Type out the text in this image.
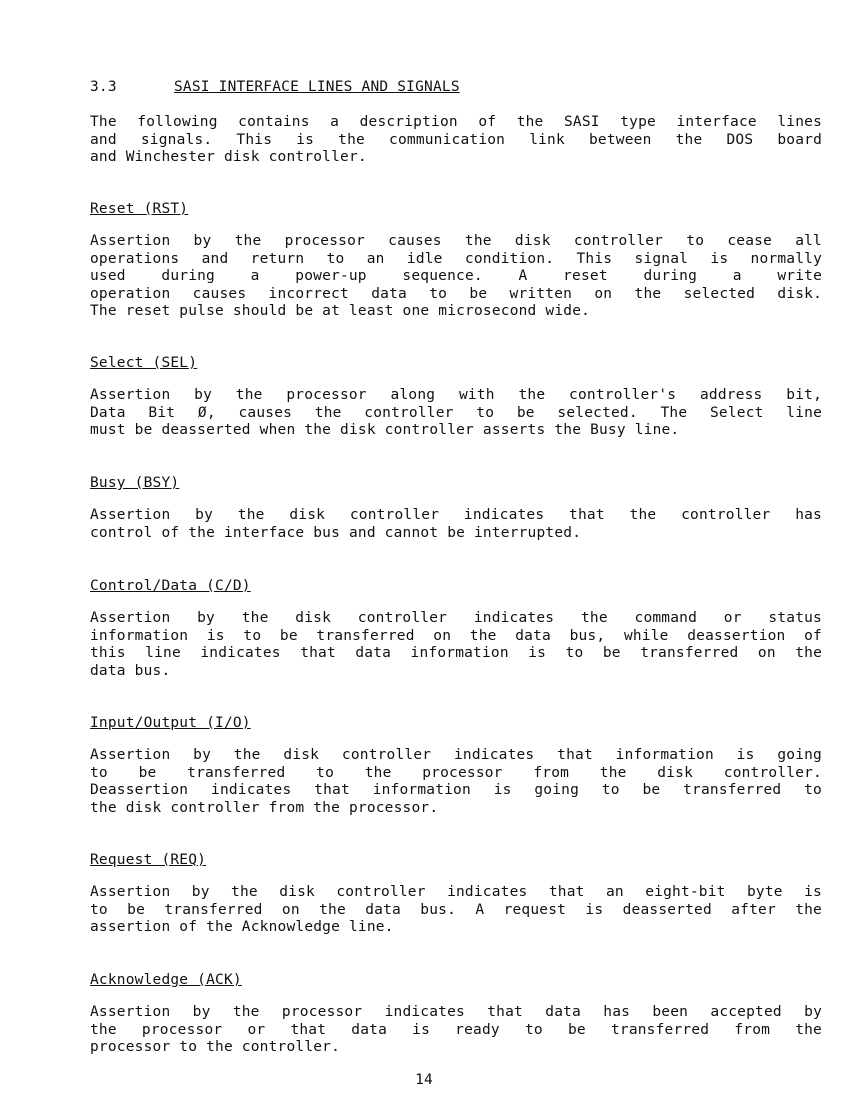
3.3	SASI INTERFACE LINES AND SIGNALS
The following contains a description of the SASI type interface lines
and signals. This is the communication link between the DOS board
and Winchester disk controller.
Reset (RST)
Assertion by the processor causes the disk controller to cease all
operations and return to an idle condition. This signal is normally
used during a power-up sequence. A reset during a write
operation causes incorrect data to be written on the selected disk.
The reset pulse should be at least one microsecond wide.
Select (SEL)
Assertion by the processor along with the controller's address bit,
Data Bit Ø, causes the controller to be selected. The Select line
must be deasserted when the disk controller asserts the Busy line.
Busy (BSY)
Assertion by the disk controller indicates that the controller has
control of the interface bus and cannot be interrupted.
Control/Data (C/D)
Assertion by the disk controller indicates the command or status
information is to be transferred on the data bus, while deassertion of
this line indicates that data information is to be transferred on the
data bus.
Input/Output (I/O)
Assertion by the disk controller indicates that information is going
to be transferred to the processor from the disk controller.
Deassertion indicates that information is going to be transferred to
the disk controller from the processor.
Request (REQ)
Assertion by the disk controller indicates that an eight-bit byte is
to be transferred on the data bus. A request is deasserted after the
assertion of the Acknowledge line.
Acknowledge (ACK)
Assertion by the processor indicates that data has been accepted by
the processor or that data is ready to be transferred from the
processor to the controller.
14
